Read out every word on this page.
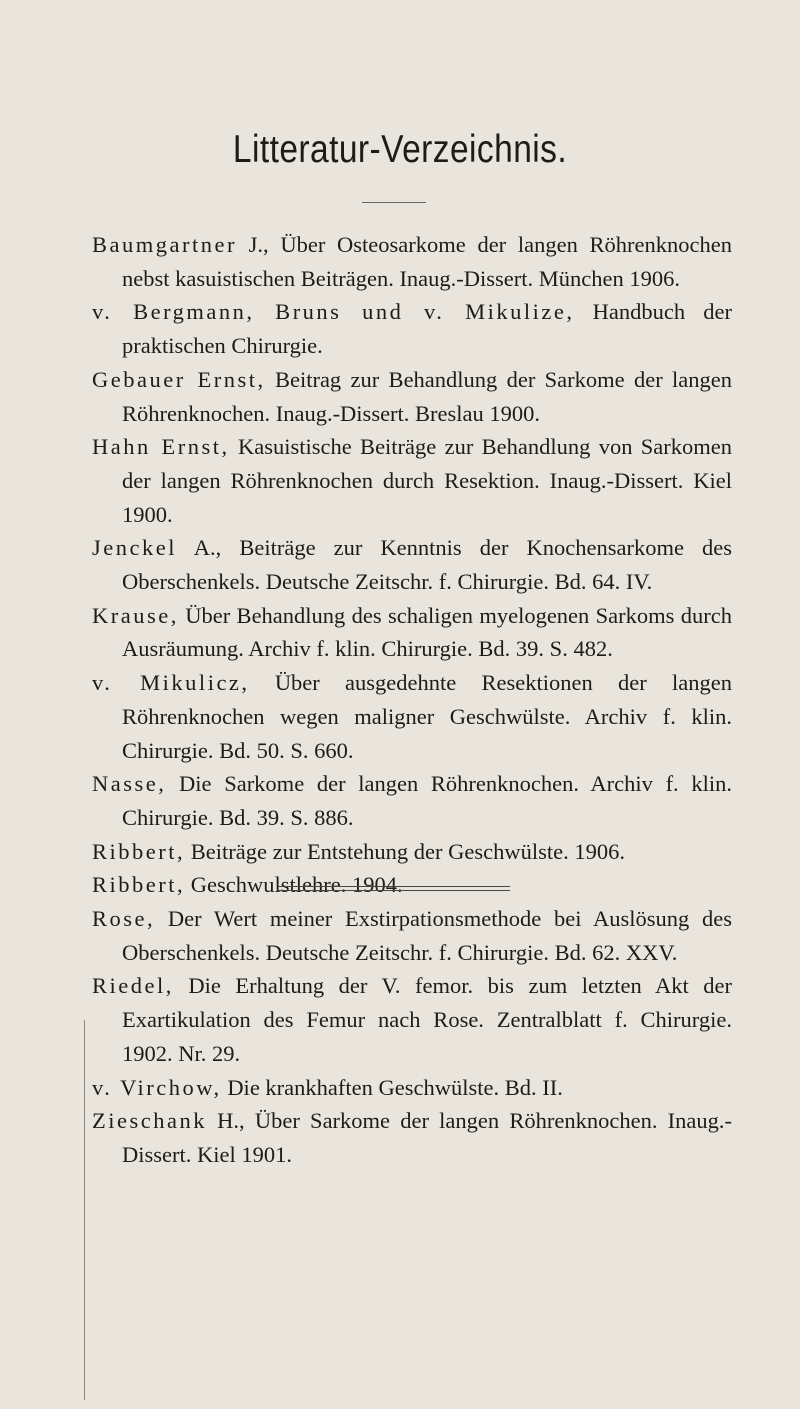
Litteratur-Verzeichnis.
Baumgartner J., Über Osteosarkome der langen Röhrenknochen nebst kasuistischen Beiträgen. Inaug.-Dissert. München 1906.
v. Bergmann, Bruns und v. Mikulize, Handbuch der praktischen Chirurgie.
Gebauer Ernst, Beitrag zur Behandlung der Sarkome der langen Röhrenknochen. Inaug.-Dissert. Breslau 1900.
Hahn Ernst, Kasuistische Beiträge zur Behandlung von Sarkomen der langen Röhrenknochen durch Resektion. Inaug.-Dissert. Kiel 1900.
Jenckel A., Beiträge zur Kenntnis der Knochensarkome des Oberschenkels. Deutsche Zeitschr. f. Chirurgie. Bd. 64. IV.
Krause, Über Behandlung des schaligen myelogenen Sarkoms durch Ausräumung. Archiv f. klin. Chirurgie. Bd. 39. S. 482.
v. Mikulicz, Über ausgedehnte Resektionen der langen Röhrenknochen wegen maligner Geschwülste. Archiv f. klin. Chirurgie. Bd. 50. S. 660.
Nasse, Die Sarkome der langen Röhrenknochen. Archiv f. klin. Chirurgie. Bd. 39. S. 886.
Ribbert, Beiträge zur Entstehung der Geschwülste. 1906.
Ribbert, Geschwulstlehre. 1904.
Rose, Der Wert meiner Exstirpationsmethode bei Auslösung des Oberschenkels. Deutsche Zeitschr. f. Chirurgie. Bd. 62. XXV.
Riedel, Die Erhaltung der V. femor. bis zum letzten Akt der Exartikulation des Femur nach Rose. Zentralblatt f. Chirurgie. 1902. Nr. 29.
v. Virchow, Die krankhaften Geschwülste. Bd. II.
Zieschank H., Über Sarkome der langen Röhrenknochen. Inaug.-Dissert. Kiel 1901.
